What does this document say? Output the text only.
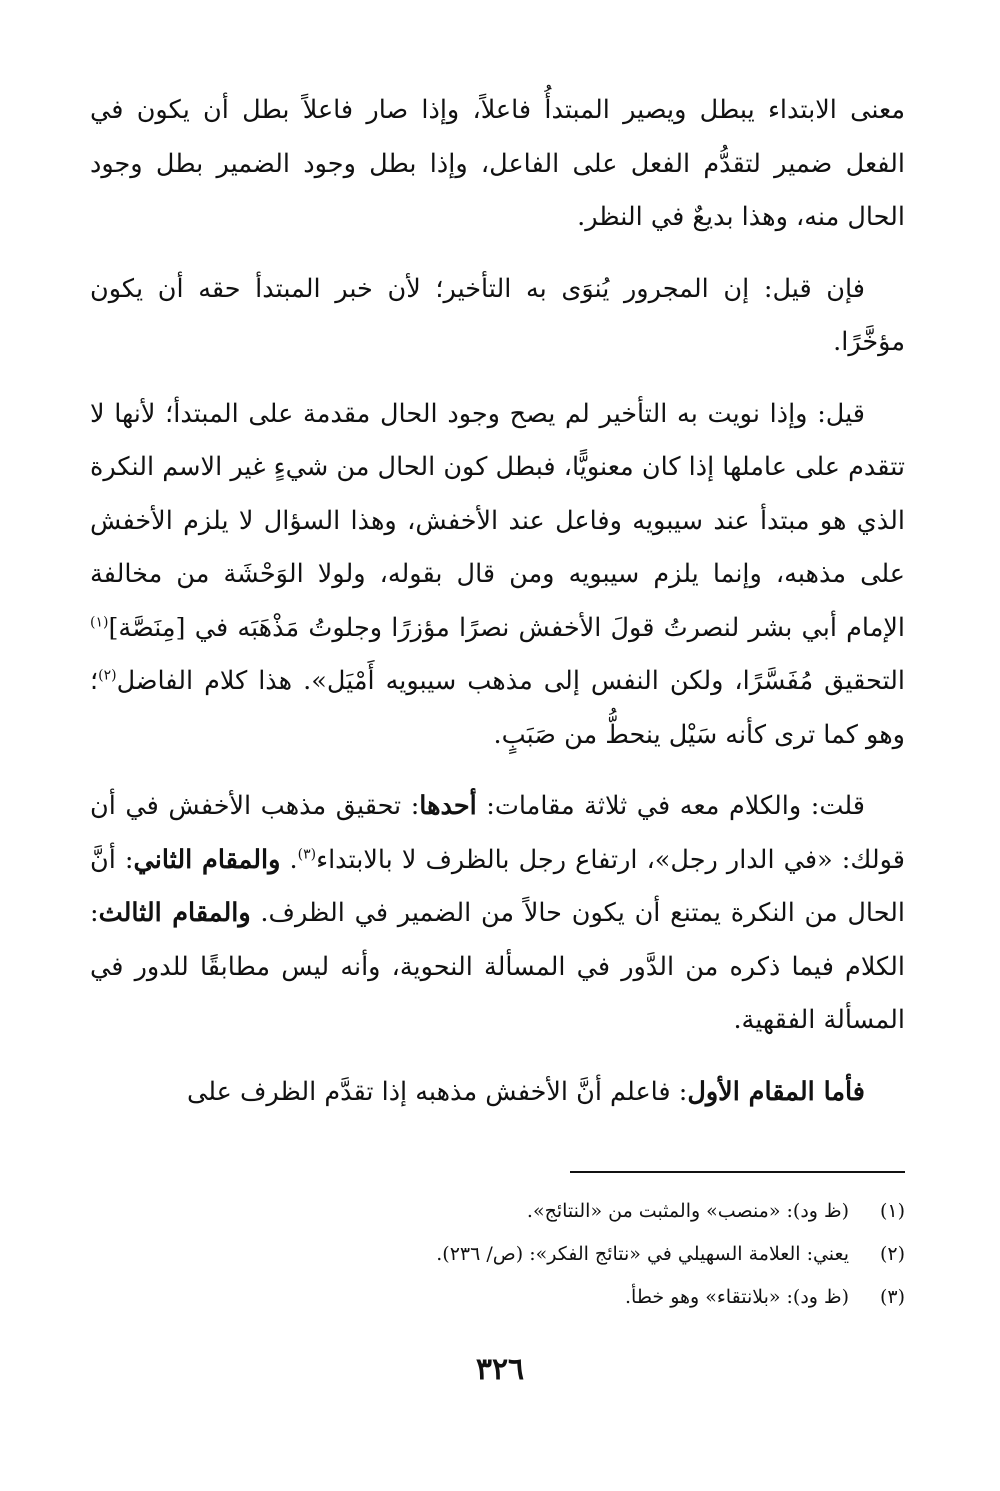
معنى الابتداء يبطل ويصير المبتدأُ فاعلاً، وإذا صار فاعلاً بطل أن يكون في الفعل ضمير لتقدُّم الفعل على الفاعل، وإذا بطل وجود الضمير بطل وجود الحال منه، وهذا بديعٌ في النظر.

فإن قيل: إن المجرور يُنوَى به التأخير؛ لأن خبر المبتدأ حقه أن يكون مؤخَّرًا.

قيل: وإذا نويت به التأخير لم يصح وجود الحال مقدمة على المبتدأ؛ لأنها لا تتقدم على عاملها إذا كان معنويًّا، فبطل كون الحال من شيءٍ غير الاسم النكرة الذي هو مبتدأ عند سيبويه وفاعل عند الأخفش، وهذا السؤال لا يلزم الأخفش على مذهبه، وإنما يلزم سيبويه ومن قال بقوله، ولولا الوَحْشَة من مخالفة الإمام أبي بشر لنصرتُ قولَ الأخفش نصرًا مؤزرًا وجلوتُ مَذْهَبَه في [مِنَصَّة]$^{(١)}$ التحقيق مُفَسَّرًا، ولكن النفس إلى مذهب سيبويه أَمْيَل». هذا كلام الفاضل$^{(٢)}$؛ وهو كما ترى كأنه سَيْل ينحطُّ من صَبَبٍ.

قلت: والكلام معه في ثلاثة مقامات: أحدها: تحقيق مذهب الأخفش في أن قولك: «في الدار رجل»، ارتفاع رجل بالظرف لا بالابتداء$^{(٣)}$. والمقام الثاني: أنَّ الحال من النكرة يمتنع أن يكون حالاً من الضمير في الظرف. والمقام الثالث: الكلام فيما ذكره من الدَّور في المسألة النحوية، وأنه ليس مطابقًا للدور في المسألة الفقهية.

فأما المقام الأول: فاعلم أنَّ الأخفش مذهبه إذا تقدَّم الظرف على

(١)
(ظ ود): «منصب» والمثبت من «النتائج».
(٢)
يعني: العلامة السهيلي في «نتائج الفكر»: (ص/ ٢٣٦).
(٣)
(ظ ود): «بلانتقاء» وهو خطأ.
٣٢٦
